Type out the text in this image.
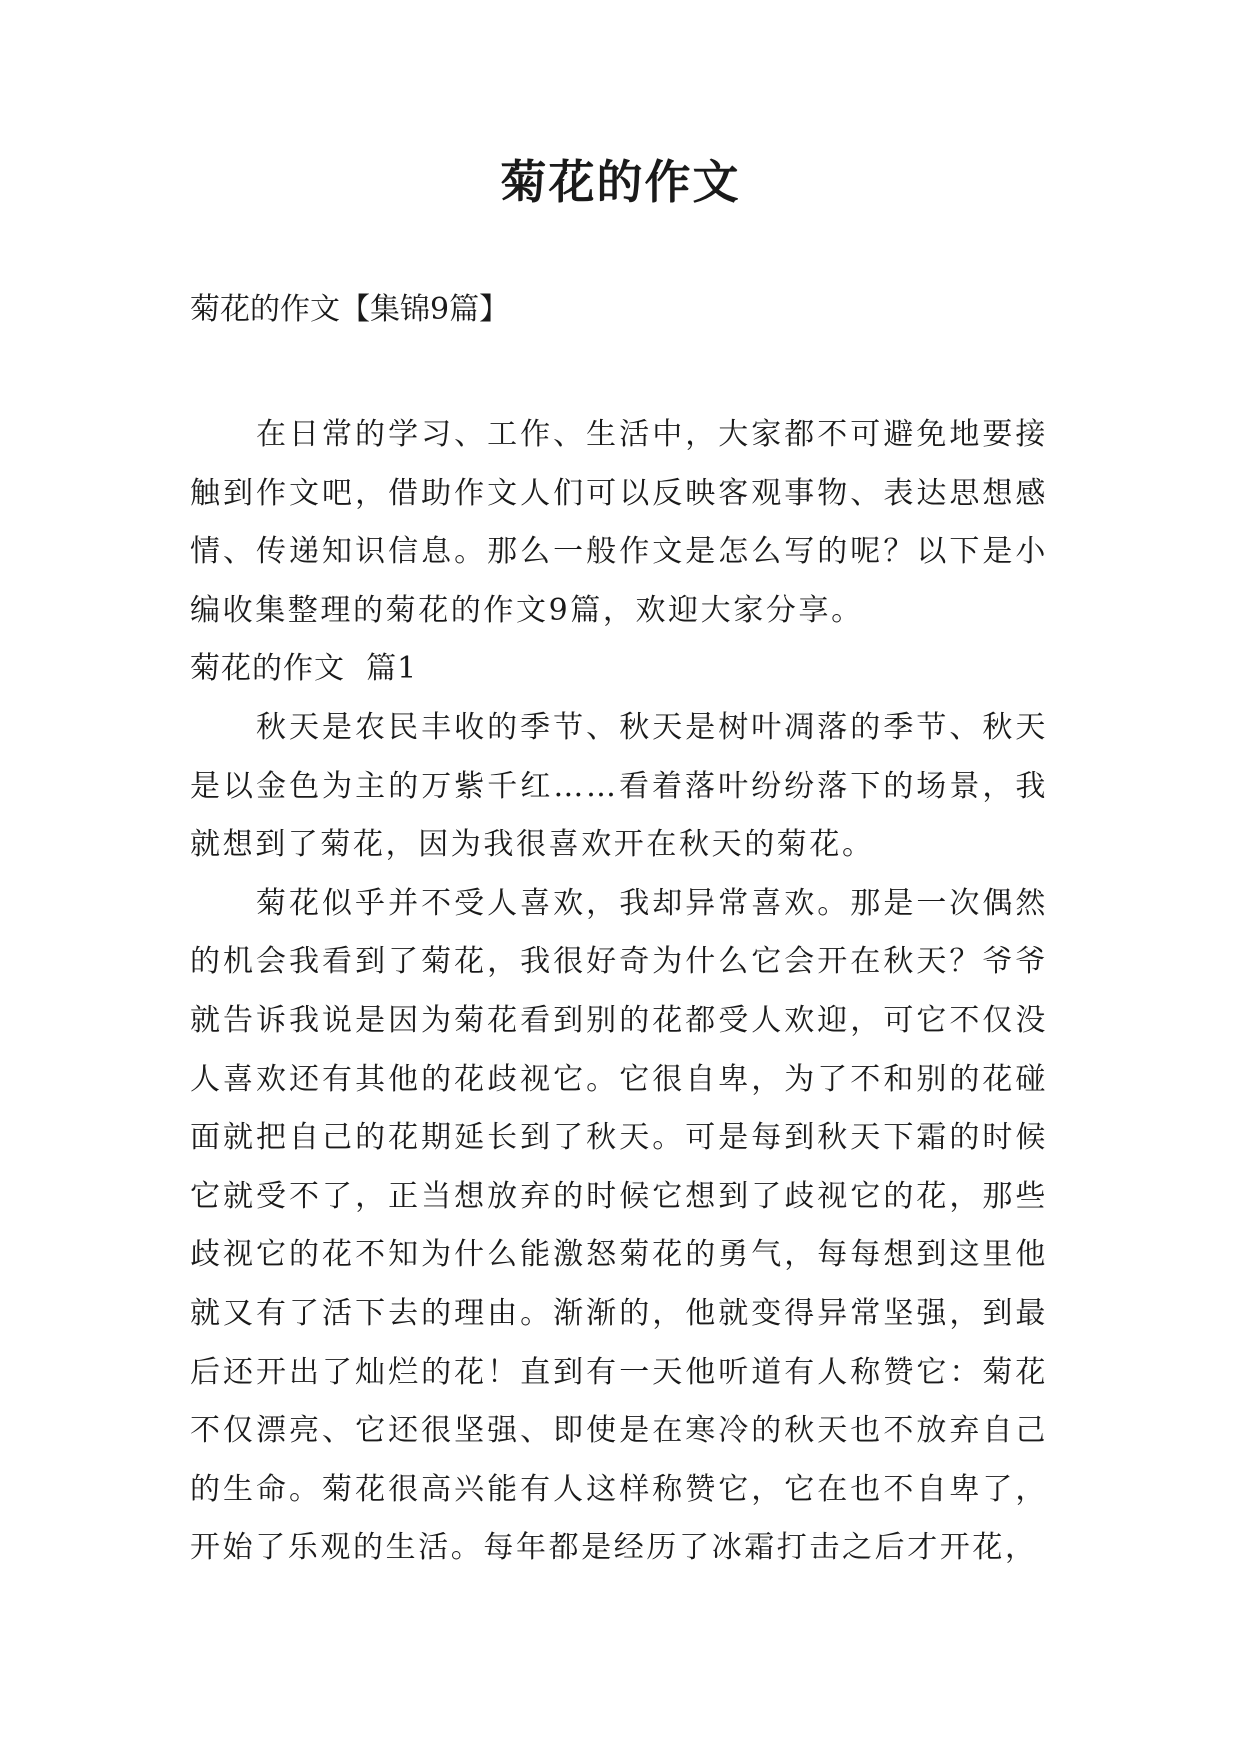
菊花的作文

菊花的作文【集锦9篇】

在日常的学习、工作、生活中，大家都不可避免地要接触到作文吧，借助作文人们可以反映客观事物、表达思想感情、传递知识信息。那么一般作文是怎么写的呢？以下是小编收集整理的菊花的作文9篇，欢迎大家分享。

菊花的作文  篇1

秋天是农民丰收的季节、秋天是树叶凋落的季节、秋天是以金色为主的万紫千红……看着落叶纷纷落下的场景，我就想到了菊花，因为我很喜欢开在秋天的菊花。

菊花似乎并不受人喜欢，我却异常喜欢。那是一次偶然的机会我看到了菊花，我很好奇为什么它会开在秋天？爷爷就告诉我说是因为菊花看到别的花都受人欢迎，可它不仅没人喜欢还有其他的花歧视它。它很自卑，为了不和别的花碰面就把自己的花期延长到了秋天。可是每到秋天下霜的时候它就受不了，正当想放弃的时候它想到了歧视它的花，那些歧视它的花不知为什么能激怒菊花的勇气，每每想到这里他就又有了活下去的理由。渐渐的，他就变得异常坚强，到最后还开出了灿烂的花！直到有一天他听道有人称赞它：菊花不仅漂亮、它还很坚强、即使是在寒冷的秋天也不放弃自己的生命。菊花很高兴能有人这样称赞它，它在也不自卑了，开始了乐观的生活。每年都是经历了冰霜打击之后才开花，
